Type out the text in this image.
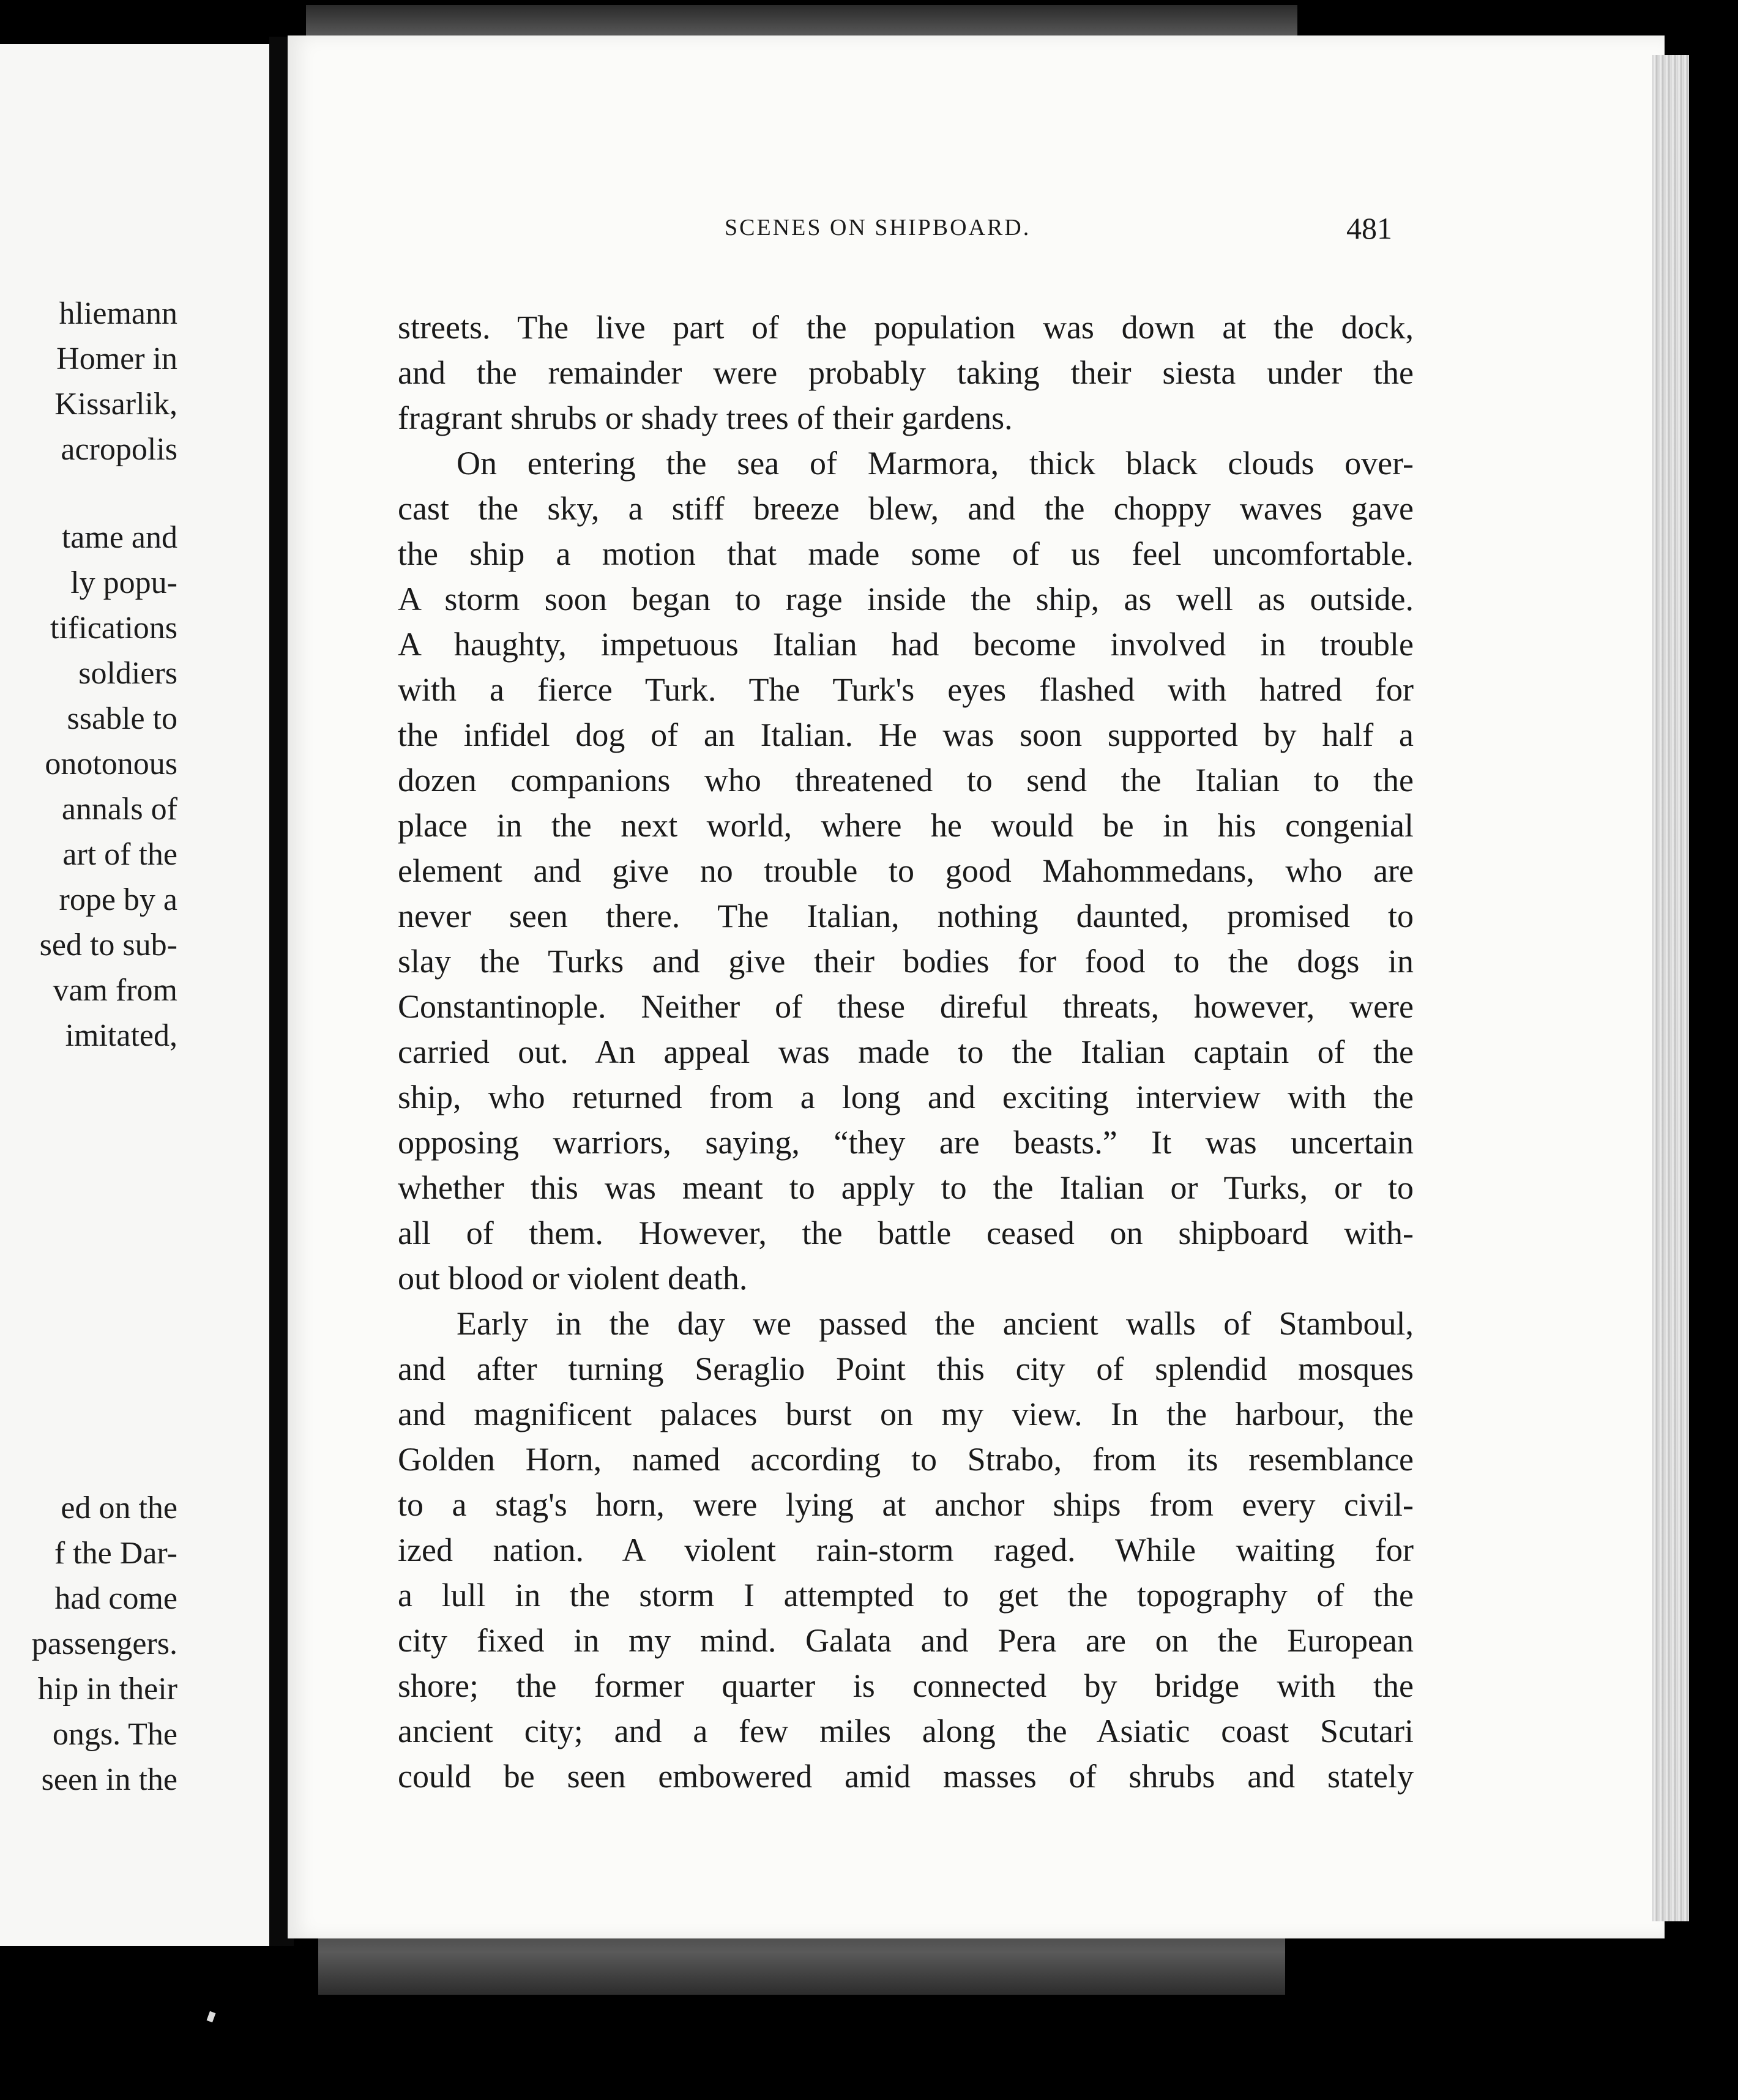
hliemann
Homer in
Kissarlik,
acropolis
tame and
ly popu-
tifications
soldiers
ssable to
onotonous
annals of
art of the
rope by a
sed to sub-
vam from
imitated,
ed on the
f the Dar-
had come
passengers.
hip in their
ongs. The
seen in the
SCENES ON SHIPBOARD.	481
streets. The live part of the population was down at the dock,
and the remainder were probably taking their siesta under the
fragrant shrubs or shady trees of their gardens.
On entering the sea of Marmora, thick black clouds over-
cast the sky, a stiff breeze blew, and the choppy waves gave
the ship a motion that made some of us feel uncomfortable.
A storm soon began to rage inside the ship, as well as outside.
A haughty, impetuous Italian had become involved in trouble
with a fierce Turk. The Turk's eyes flashed with hatred for
the infidel dog of an Italian. He was soon supported by half a
dozen companions who threatened to send the Italian to the
place in the next world, where he would be in his congenial
element and give no trouble to good Mahommedans, who are
never seen there. The Italian, nothing daunted, promised to
slay the Turks and give their bodies for food to the dogs in
Constantinople. Neither of these direful threats, however, were
carried out. An appeal was made to the Italian captain of the
ship, who returned from a long and exciting interview with the
opposing warriors, saying, “they are beasts.” It was uncertain
whether this was meant to apply to the Italian or Turks, or to
all of them. However, the battle ceased on shipboard with-
out blood or violent death.
Early in the day we passed the ancient walls of Stamboul,
and after turning Seraglio Point this city of splendid mosques
and magnificent palaces burst on my view. In the harbour, the
Golden Horn, named according to Strabo, from its resemblance
to a stag's horn, were lying at anchor ships from every civil-
ized nation. A violent rain-storm raged. While waiting for
a lull in the storm I attempted to get the topography of the
city fixed in my mind. Galata and Pera are on the European
shore; the former quarter is connected by bridge with the
ancient city; and a few miles along the Asiatic coast Scutari
could be seen embowered amid masses of shrubs and stately
